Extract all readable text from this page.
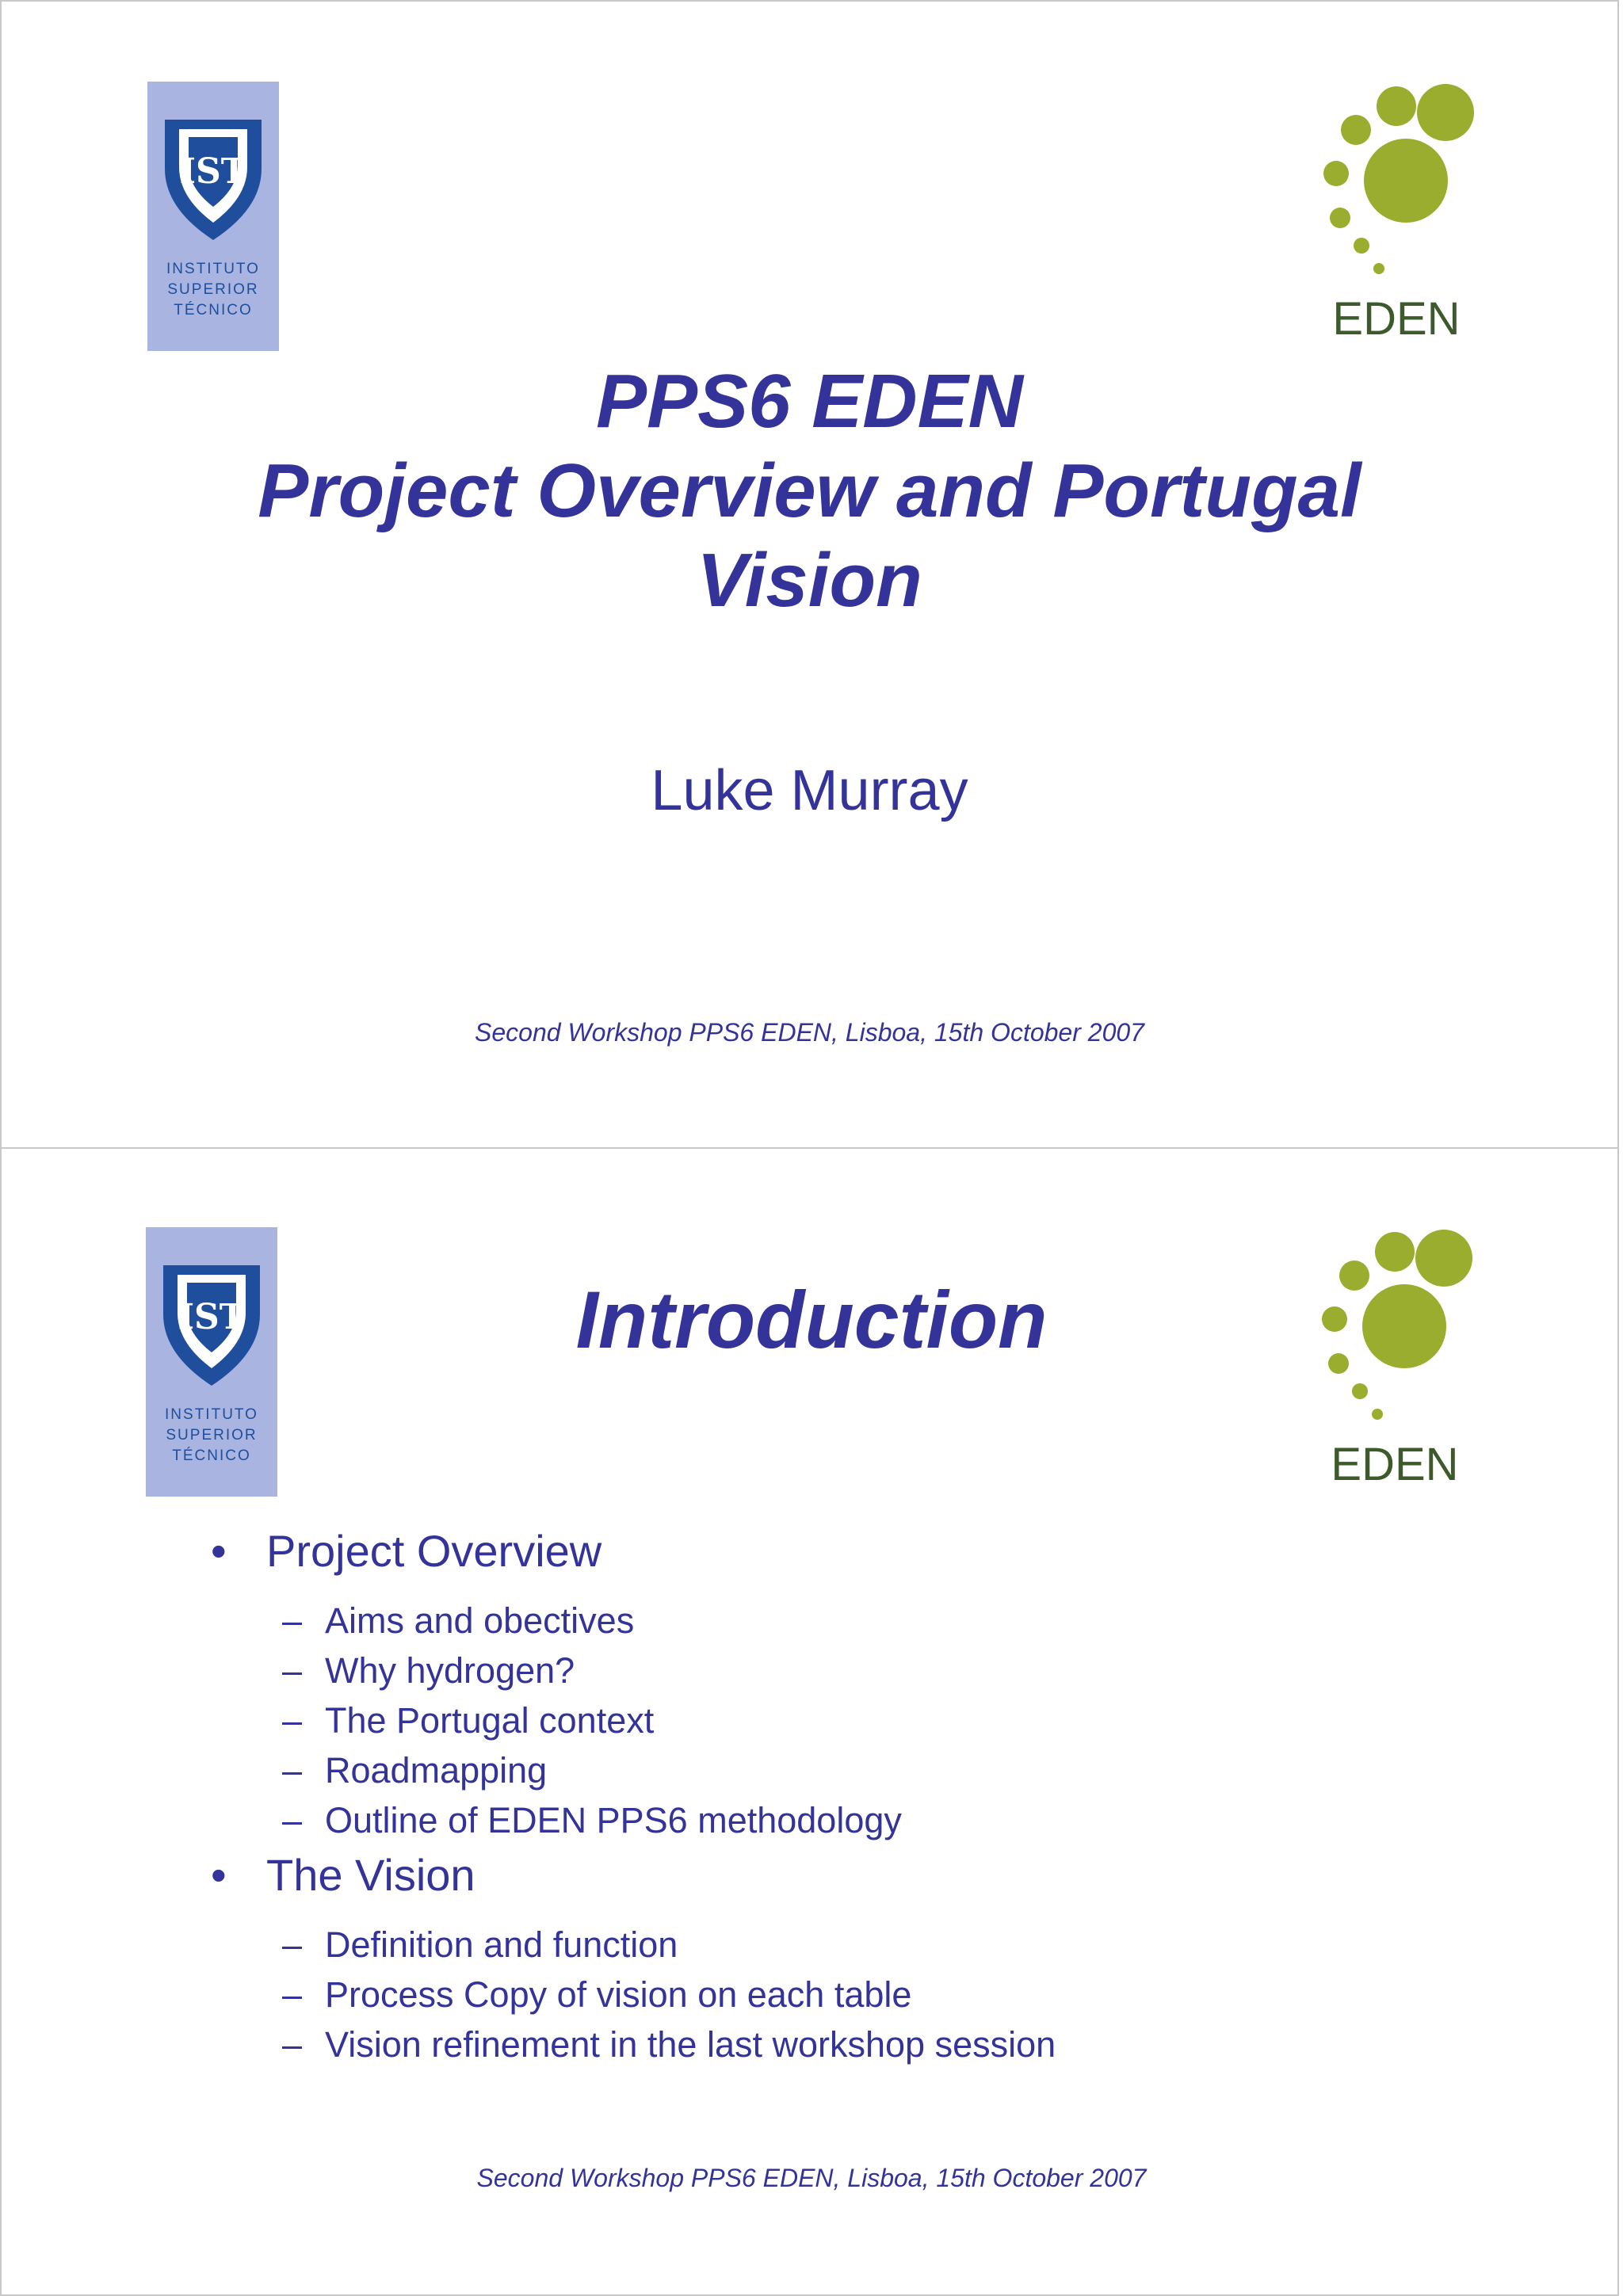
IST
INSTITUTO
SUPERIOR
TÉCNICO	EDEN
PPS6 EDEN
Project Overview and Portugal
Vision
Luke Murray
Second Workshop PPS6 EDEN, Lisboa, 15th October 2007
IST
INSTITUTO
SUPERIOR
TÉCNICO	EDEN
Introduction
• Project Overview
– Aims and obectives
– Why hydrogen?
– The Portugal context
– Roadmapping
– Outline of EDEN PPS6 methodology
• The Vision
– Definition and function
– Process Copy of vision on each table
– Vision refinement in the last workshop session
Second Workshop PPS6 EDEN, Lisboa, 15th October 2007
